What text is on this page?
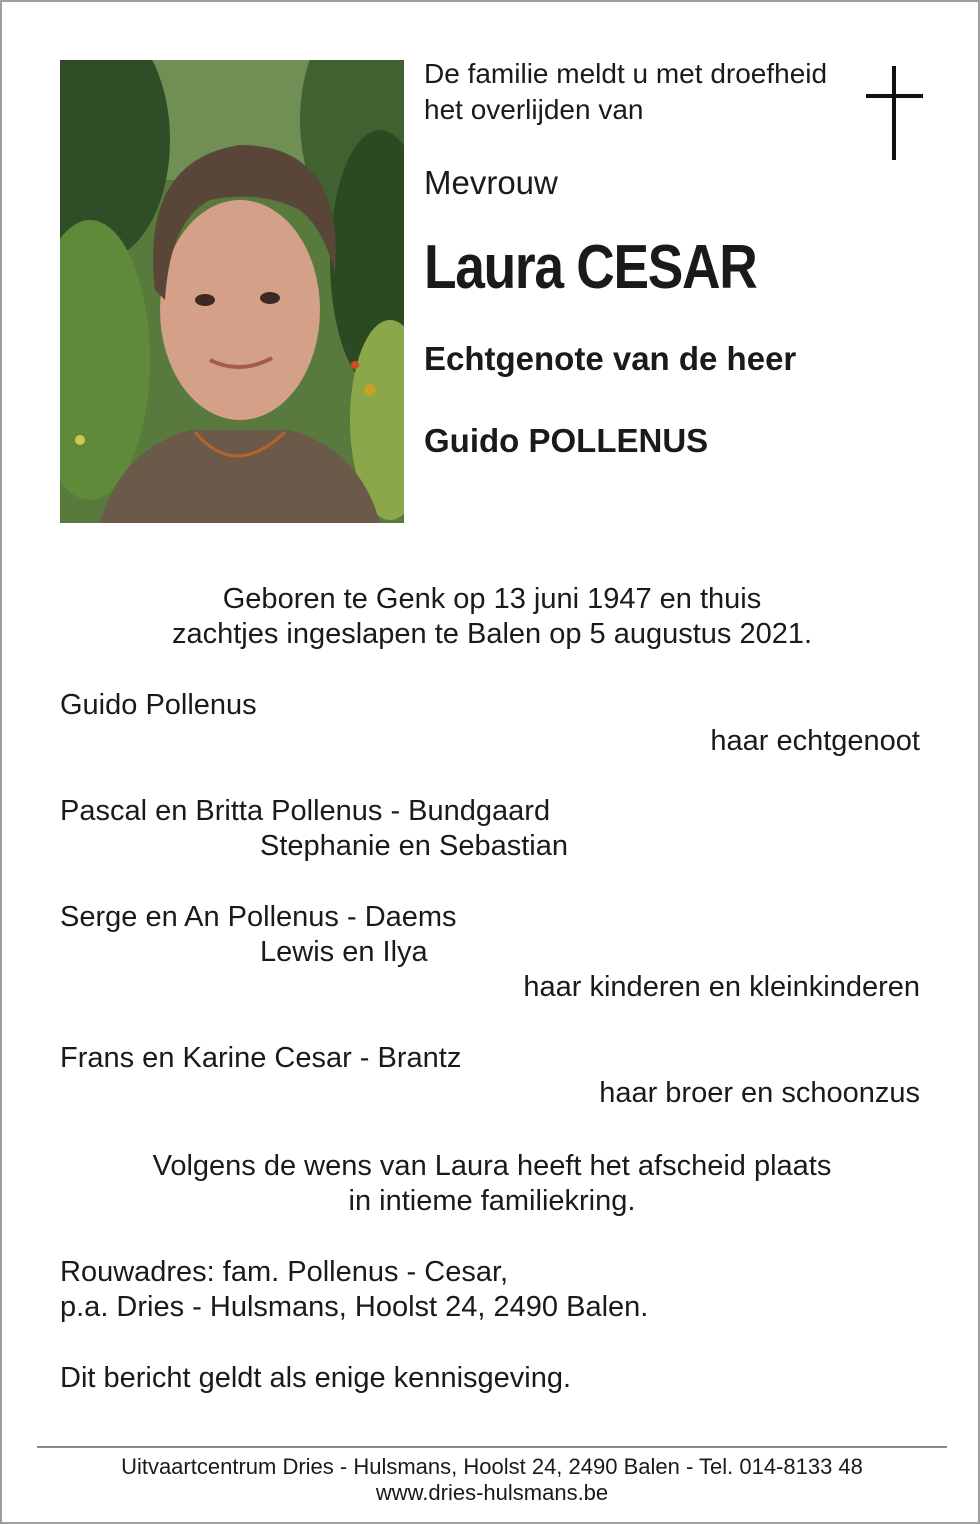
De familie meldt u met droefheid het overlijden van
Mevrouw
Laura CESAR
Echtgenote van de heer
Guido POLLENUS
Geboren te Genk op 13 juni 1947 en thuis
zachtjes ingeslapen te Balen op 5 augustus 2021.
Guido Pollenus
haar echtgenoot
Pascal en Britta Pollenus - Bundgaard
Stephanie en Sebastian
Serge en An Pollenus - Daems
Lewis en Ilya
haar kinderen en kleinkinderen
Frans en Karine Cesar - Brantz
haar broer en schoonzus
Volgens de wens van Laura heeft het afscheid plaats
in intieme familiekring.
Rouwadres: fam. Pollenus - Cesar,
p.a. Dries - Hulsmans, Hoolst 24, 2490 Balen.
Dit bericht geldt als enige kennisgeving.
Uitvaartcentrum Dries - Hulsmans, Hoolst 24, 2490 Balen - Tel. 014-8133 48
www.dries-hulsmans.be
